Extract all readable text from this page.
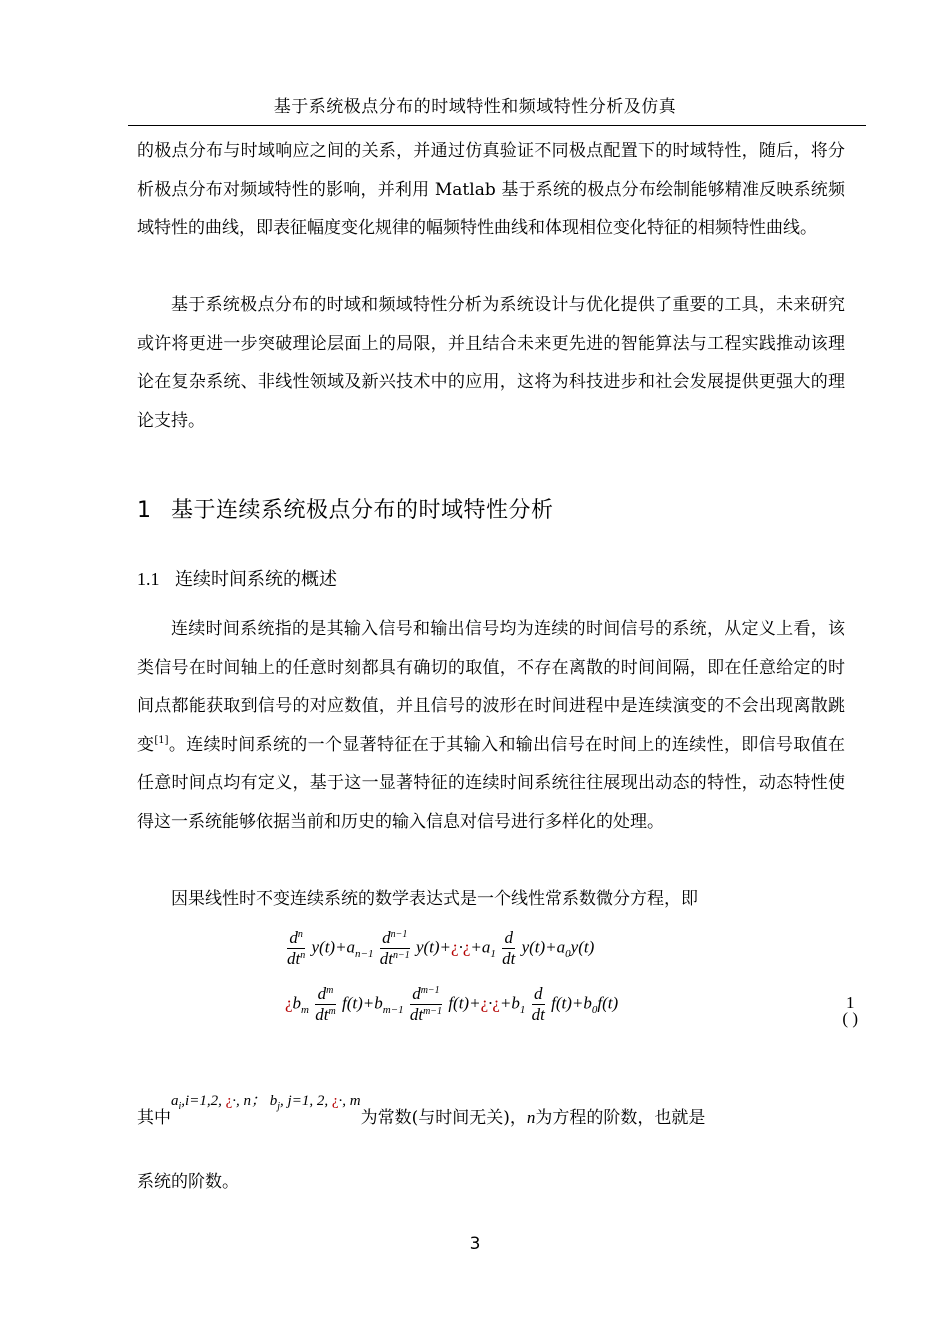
基于系统极点分布的时域特性和频域特性分析及仿真

的极点分布与时域响应之间的关系，并通过仿真验证不同极点配置下的时域特性，随后，将分析极点分布对频域特性的影响，并利用 Matlab 基于系统的极点分布绘制能够精准反映系统频域特性的曲线，即表征幅度变化规律的幅频特性曲线和体现相位变化特征的相频特性曲线。

基于系统极点分布的时域和频域特性分析为系统设计与优化提供了重要的工具，未来研究或许将更进一步突破理论层面上的局限，并且结合未来更先进的智能算法与工程实践推动该理论在复杂系统、非线性领域及新兴技术中的应用，这将为科技进步和社会发展提供更强大的理论支持。

1 基于连续系统极点分布的时域特性分析
1.1 连续时间系统的概述

连续时间系统指的是其输入信号和输出信号均为连续的时间信号的系统，从定义上看，该类信号在时间轴上的任意时刻都具有确切的取值，不存在离散的时间间隔，即在任意给定的时间点都能获取到信号的对应数值，并且信号的波形在时间进程中是连续演变的不会出现离散跳变[1]。连续时间系统的一个显著特征在于其输入和输出信号在时间上的连续性，即信号取值在任意时间点均有定义，基于这一显著特征的连续时间系统往往展现出动态的特性，动态特性使得这一系统能够依据当前和历史的输入信息对信号进行多样化的处理。

因果线性时不变连续系统的数学表达式是一个线性常系数微分方程，即

$\frac{d^n}{dt^n} y(t)+a_{n-1} \frac{d^{n-1}}{dt^{n-1}}$ $y(t)+¿\cdot¿+a_1 \frac{d}{dt} y(t)+a_0y(t)$
¿$b_m \frac{d^m}{dt^m} f(t)+b_{m-1} \frac{d^{m-1}}{dt^{m-1}}$ $f(t)+¿\cdot¿+b_1 \frac{d}{dt} f(t)+b_0f(t)$	1
( )
其中$a_i,i=1,2$, ¿·, n； $b_j$, j=1, 2, ¿·, m为常数(与时间无关)，n为方程的阶数，也就是

系统的阶数。

3
